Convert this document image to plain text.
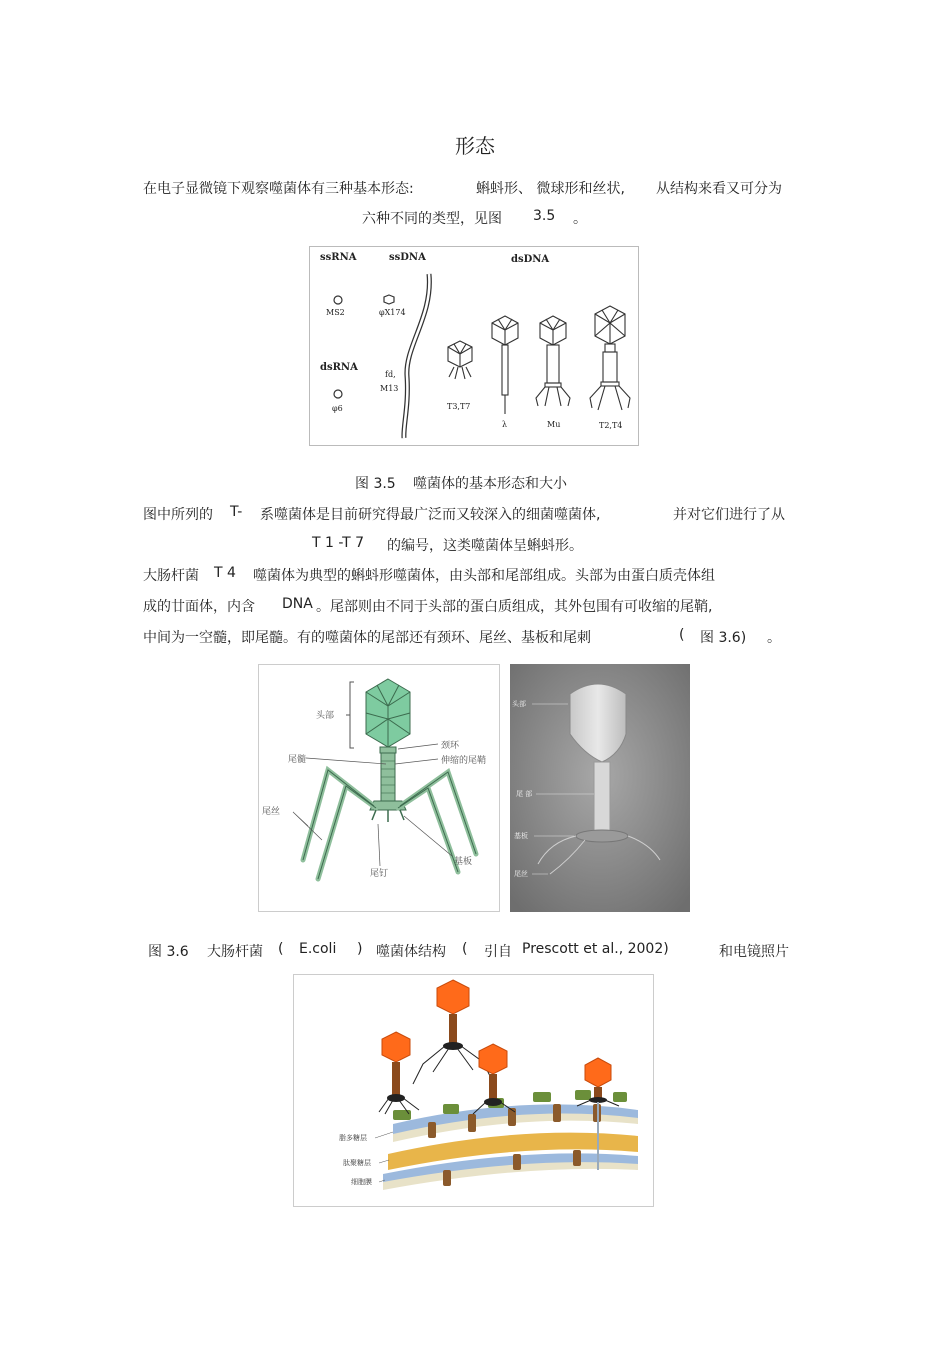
形态
在电子显微镜下观察噬菌体有三种基本形态:	蝌蚪形、 微球形和丝状, 从结构来看又可分为
六种不同的类型，见图 3.5 。
ssRNA	ssDNA	dsDNA
dsRNA
MS2	φX174
fd,
M13
T3,T7
λ	Mu	T2,T4
φ6
图 3.5 噬菌体的基本形态和大小
图中所列的 T- 系噬菌体是目前研究得最广泛而又较深入的细菌噬菌体,	并对它们进行了从
T 1 -T 7 的编号，这类噬菌体呈蝌蚪形。
大肠杆菌 T 4 噬菌体为典型的蝌蚪形噬菌体，由头部和尾部组成。头部为由蛋白质壳体组
成的廿面体，内含 DNA 。尾部则由不同于头部的蛋白质组成，其外包围有可收缩的尾鞘,
中间为一空髓，即尾髓。有的噬菌体的尾部还有颈环、尾丝、基板和尾刺	( 图 3.6) 。
头部
尾髓
颈环
伸缩的尾鞘
尾丝
尾钉
基板
头部
尾 部
基板
尾丝
图 3.6 大肠杆菌 ( E.coli ) 噬菌体结构 ( 引自 Prescott et al., 2002)	和电镜照片
脂多糖层
肽聚糖层
细胞膜
